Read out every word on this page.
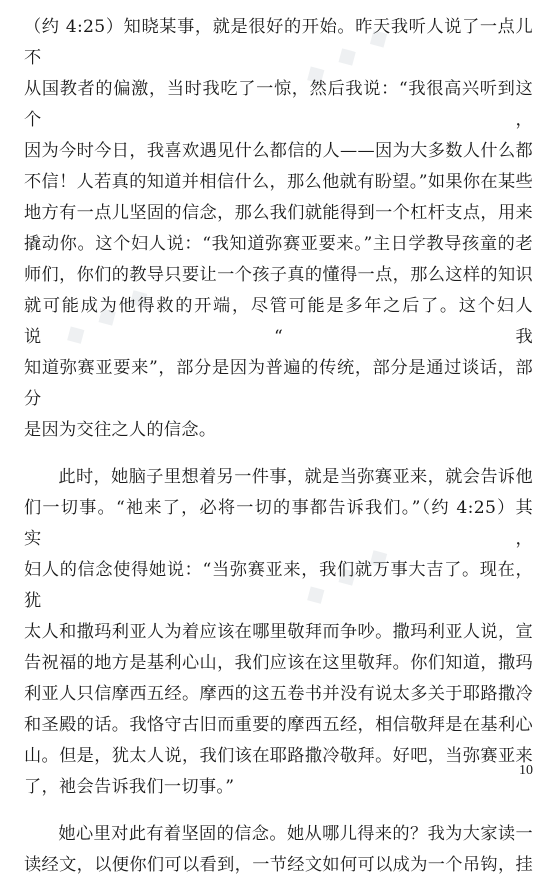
◆ ◆ ◆
◆ ◆ ◆
◆ ◆ ◆

（约 4:25）知晓某事，就是很好的开始。昨天我听人说了一点儿不

从国教者的偏激，当时我吃了一惊，然后我说：“我很高兴听到这个，

因为今时今日，我喜欢遇见什么都信的人——因为大多数人什么都

不信！人若真的知道并相信什么，那么他就有盼望。”如果你在某些

地方有一点儿坚固的信念，那么我们就能得到一个杠杆支点，用来

撬动你。这个妇人说：“我知道弥赛亚要来。”主日学教导孩童的老

师们，你们的教导只要让一个孩子真的懂得一点，那么这样的知识

就可能成为他得救的开端，尽管可能是多年之后了。这个妇人说“我

知道弥赛亚要来”，部分是因为普遍的传统，部分是通过谈话，部分

是因为交往之人的信念。

此时，她脑子里想着另一件事，就是当弥赛亚来，就会告诉他

们一切事。“祂来了，必将一切的事都告诉我们。”（约 4:25）其实，

妇人的信念使得她说：“当弥赛亚来，我们就万事大吉了。现在，犹

太人和撒玛利亚人为着应该在哪里敬拜而争吵。撒玛利亚人说，宣

告祝福的地方是基利心山，我们应该在这里敬拜。你们知道，撒玛

利亚人只信摩西五经。摩西的这五卷书并没有说太多关于耶路撒冷

和圣殿的话。我恪守古旧而重要的摩西五经，相信敬拜是在基利心

山。但是，犹太人说，我们该在耶路撒冷敬拜。好吧，当弥赛亚来

了，祂会告诉我们一切事。”

她心里对此有着坚固的信念。她从哪儿得来的？我为大家读一

读经文，以便你们可以看到，一节经文如何可以成为一个吊钩，挂

10
